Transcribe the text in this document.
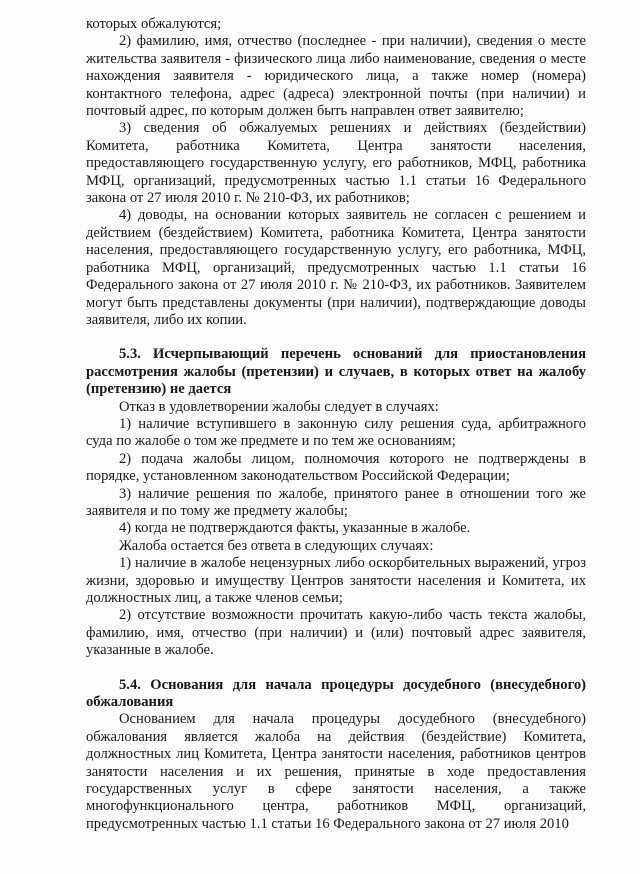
которых обжалуются;

2) фамилию, имя, отчество (последнее - при наличии), сведения о месте жительства заявителя - физического лица либо наименование, сведения о месте нахождения заявителя - юридического лица, а также номер (номера) контактного телефона, адрес (адреса) электронной почты (при наличии) и почтовый адрес, по которым должен быть направлен ответ заявителю;

3) сведения об обжалуемых решениях и действиях (бездействии) Комитета, работника Комитета, Центра занятости населения, предоставляющего государственную услугу, его работников, МФЦ, работника МФЦ, организаций, предусмотренных частью 1.1 статьи 16 Федерального закона от 27 июля 2010 г. № 210-ФЗ, их работников;

4) доводы, на основании которых заявитель не согласен с решением и действием (бездействием) Комитета, работника Комитета, Центра занятости населения, предоставляющего государственную услугу, его работника, МФЦ, работника МФЦ, организаций, предусмотренных частью 1.1 статьи 16 Федерального закона от 27 июля 2010 г. № 210-ФЗ, их работников. Заявителем могут быть представлены документы (при наличии), подтверждающие доводы заявителя, либо их копии.

5.3. Исчерпывающий перечень оснований для приостановления рассмотрения жалобы (претензии) и случаев, в которых ответ на жалобу (претензию) не дается

Отказ в удовлетворении жалобы следует в случаях:

1) наличие вступившего в законную силу решения суда, арбитражного суда по жалобе о том же предмете и по тем же основаниям;

2) подача жалобы лицом, полномочия которого не подтверждены в порядке, установленном законодательством Российской Федерации;

3) наличие решения по жалобе, принятого ранее в отношении того же заявителя и по тому же предмету жалобы;

4) когда не подтверждаются факты, указанные в жалобе.

Жалоба остается без ответа в следующих случаях:

1) наличие в жалобе нецензурных либо оскорбительных выражений, угроз жизни, здоровью и имуществу Центров занятости населения и Комитета, их должностных лиц, а также членов семьи;

2) отсутствие возможности прочитать какую-либо часть текста жалобы, фамилию, имя, отчество (при наличии) и (или) почтовый адрес заявителя, указанные в жалобе.

5.4. Основания для начала процедуры досудебного (внесудебного) обжалования

Основанием для начала процедуры досудебного (внесудебного) обжалования является жалоба на действия (бездействие) Комитета, должностных лиц Комитета, Центра занятости населения, работников центров занятости населения и их решения, принятые в ходе предоставления государственных услуг в сфере занятости населения, а также многофункционального центра, работников МФЦ, организаций, предусмотренных частью 1.1 статьи 16 Федерального закона от 27 июля 2010
